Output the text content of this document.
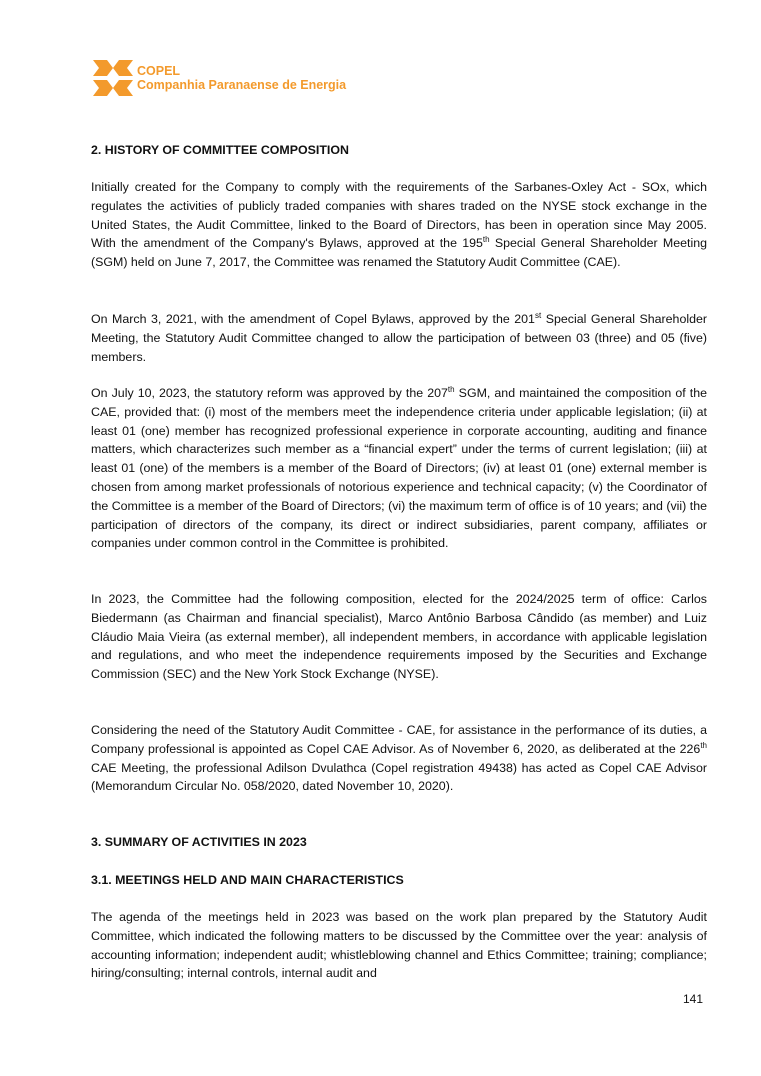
COPEL
Companhia Paranaense de Energia
2. HISTORY OF COMMITTEE COMPOSITION
Initially created for the Company to comply with the requirements of the Sarbanes-Oxley Act - SOx, which regulates the activities of publicly traded companies with shares traded on the NYSE stock exchange in the United States, the Audit Committee, linked to the Board of Directors, has been in operation since May 2005. With the amendment of the Company's Bylaws, approved at the 195th Special General Shareholder Meeting (SGM) held on June 7, 2017, the Committee was renamed the Statutory Audit Committee (CAE).
On March 3, 2021, with the amendment of Copel Bylaws, approved by the 201st Special General Shareholder Meeting, the Statutory Audit Committee changed to allow the participation of between 03 (three) and 05 (five) members.
On July 10, 2023, the statutory reform was approved by the 207th SGM, and maintained the composition of the CAE, provided that: (i) most of the members meet the independence criteria under applicable legislation; (ii) at least 01 (one) member has recognized professional experience in corporate accounting, auditing and finance matters, which characterizes such member as a “financial expert” under the terms of current legislation; (iii) at least 01 (one) of the members is a member of the Board of Directors; (iv) at least 01 (one) external member is chosen from among market professionals of notorious experience and technical capacity; (v) the Coordinator of the Committee is a member of the Board of Directors; (vi) the maximum term of office is of 10 years; and (vii) the participation of directors of the company, its direct or indirect subsidiaries, parent company, affiliates or companies under common control in the Committee is prohibited.
In 2023, the Committee had the following composition, elected for the 2024/2025 term of office: Carlos Biedermann (as Chairman and financial specialist), Marco Antônio Barbosa Cândido (as member) and Luiz Cláudio Maia Vieira (as external member), all independent members, in accordance with applicable legislation and regulations, and who meet the independence requirements imposed by the Securities and Exchange Commission (SEC) and the New York Stock Exchange (NYSE).
Considering the need of the Statutory Audit Committee - CAE, for assistance in the performance of its duties, a Company professional is appointed as Copel CAE Advisor. As of November 6, 2020, as deliberated at the 226th CAE Meeting, the professional Adilson Dvulathca (Copel registration 49438) has acted as Copel CAE Advisor (Memorandum Circular No. 058/2020, dated November 10, 2020).
3. SUMMARY OF ACTIVITIES IN 2023
3.1. MEETINGS HELD AND MAIN CHARACTERISTICS
The agenda of the meetings held in 2023 was based on the work plan prepared by the Statutory Audit Committee, which indicated the following matters to be discussed by the Committee over the year: analysis of accounting information; independent audit; whistleblowing channel and Ethics Committee; training; compliance; hiring/consulting; internal controls, internal audit and
141
